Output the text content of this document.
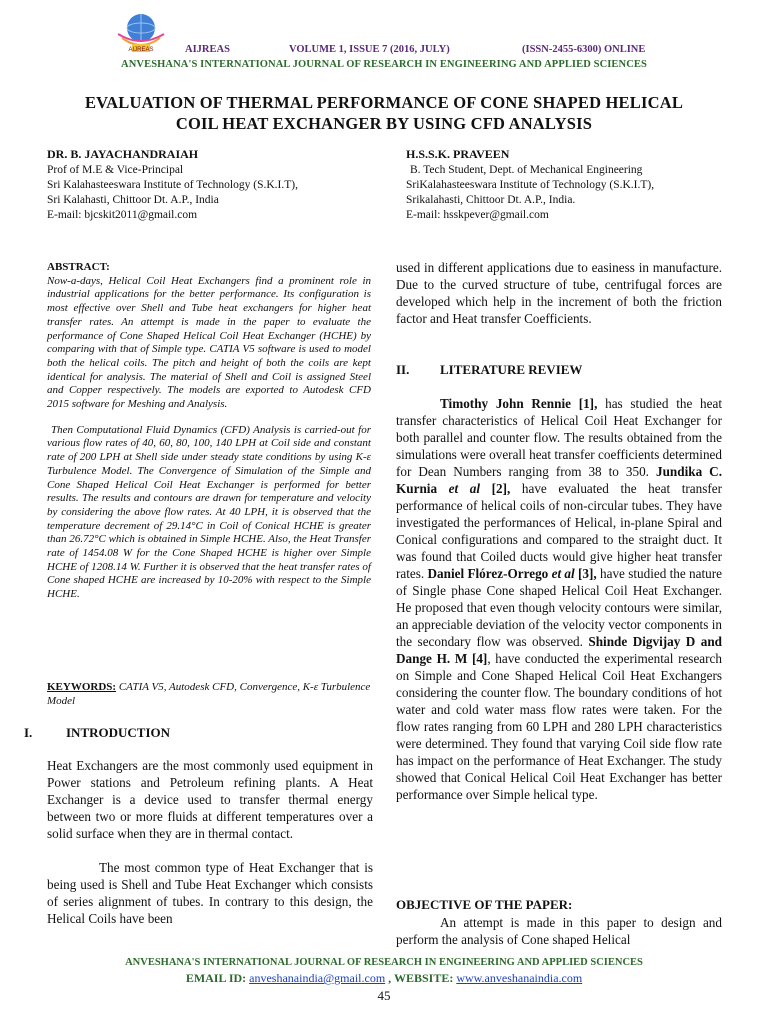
AIJREAS	AIJREAS	VOLUME 1, ISSUE 7 (2016, JULY)	(ISSN-2455-6300) ONLINE
ANVESHANA'S INTERNATIONAL JOURNAL OF RESEARCH IN ENGINEERING AND APPLIED SCIENCES
EVALUATION OF THERMAL PERFORMANCE OF CONE SHAPED HELICAL
COIL HEAT EXCHANGER BY USING CFD ANALYSIS
DR. B. JAYACHANDRAIAH
Prof of M.E & Vice-Principal
Sri Kalahasteeswara Institute of Technology (S.K.I.T),
Sri Kalahasti, Chittoor Dt. A.P., India
E-mail: bjcskit2011@gmail.com
H.S.S.K. PRAVEEN
B. Tech Student, Dept. of Mechanical Engineering
SriKalahasteeswara Institute of Technology (S.K.I.T),
Srikalahasti, Chittoor Dt. A.P., India.
E-mail: hsskpever@gmail.com
ABSTRACT:

Now-a-days, Helical Coil Heat Exchangers find a prominent role in industrial applications for the better performance. Its configuration is most effective over Shell and Tube heat exchangers for higher heat transfer rates. An attempt is made in the paper to evaluate the performance of Cone Shaped Helical Coil Heat Exchanger (HCHE) by comparing with that of Simple type. CATIA V5 software is used to model both the helical coils. The pitch and height of both the coils are kept identical for analysis. The material of Shell and Coil is assigned Steel and Copper respectively. The models are exported to Autodesk CFD 2015 software for Meshing and Analysis.

Then Computational Fluid Dynamics (CFD) Analysis is carried-out for various flow rates of 40, 60, 80, 100, 140 LPH at Coil side and constant rate of 200 LPH at Shell side under steady state conditions by using K-ε Turbulence Model. The Convergence of Simulation of the Simple and Cone Shaped Helical Coil Heat Exchanger is performed for better results. The results and contours are drawn for temperature and velocity by considering the above flow rates. At 40 LPH, it is observed that the temperature decrement of 29.14°C in Coil of Conical HCHE is greater than 26.72°C which is obtained in Simple HCHE. Also, the Heat Transfer rate of 1454.08 W for the Cone Shaped HCHE is higher over Simple HCHE of 1208.14 W. Further it is observed that the heat transfer rates of Cone shaped HCHE are increased by 10-20% with respect to the Simple HCHE.

KEYWORDS: CATIA V5, Autodesk CFD, Convergence, K-ε Turbulence Model
I.	INTRODUCTION

Heat Exchangers are the most commonly used equipment in Power stations and Petroleum refining plants. A Heat Exchanger is a device used to transfer thermal energy between two or more fluids at different temperatures over a solid surface when they are in thermal contact.

The most common type of Heat Exchanger that is being used is Shell and Tube Heat Exchanger which consists of series alignment of tubes. In contrary to this design, the Helical Coils have been

used in different applications due to easiness in manufacture. Due to the curved structure of tube, centrifugal forces are developed which help in the increment of both the friction factor and Heat transfer Coefficients.
II. LITERATURE REVIEW

Timothy John Rennie [1], has studied the heat transfer characteristics of Helical Coil Heat Exchanger for both parallel and counter flow. The results obtained from the simulations were overall heat transfer coefficients determined for Dean Numbers ranging from 38 to 350. Jundika C. Kurnia et al [2], have evaluated the heat transfer performance of helical coils of non-circular tubes. They have investigated the performances of Helical, in-plane Spiral and Conical configurations and compared to the straight duct. It was found that Coiled ducts would give higher heat transfer rates. Daniel Flórez-Orrego et al [3], have studied the nature of Single phase Cone shaped Helical Coil Heat Exchanger. He proposed that even though velocity contours were similar, an appreciable deviation of the velocity vector components in the secondary flow was observed. Shinde Digvijay D and Dange H. M [4], have conducted the experimental research on Simple and Cone Shaped Helical Coil Heat Exchangers considering the counter flow. The boundary conditions of hot water and cold water mass flow rates were taken. For the flow rates ranging from 60 LPH and 280 LPH characteristics were determined. They found that varying Coil side flow rate has impact on the performance of Heat Exchanger. The study showed that Conical Helical Coil Heat Exchanger has better performance over Simple helical type.

OBJECTIVE OF THE PAPER:

An attempt is made in this paper to design and perform the analysis of Cone shaped Helical

ANVESHANA'S INTERNATIONAL JOURNAL OF RESEARCH IN ENGINEERING AND APPLIED SCIENCES
EMAIL ID: anveshanaindia@gmail.com , WEBSITE: www.anveshanaindia.com
45
